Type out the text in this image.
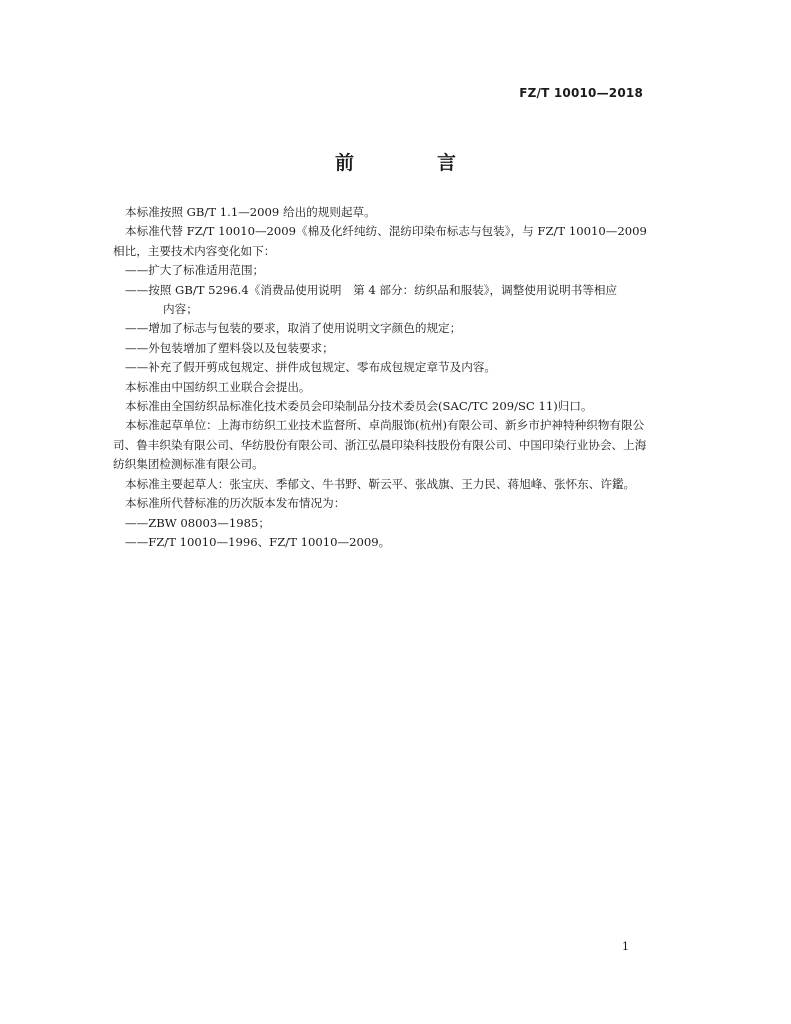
FZ/T 10010—2018
前　言

本标准按照 GB/T 1.1—2009 给出的规则起草。

本标准代替 FZ/T 10010—2009《棉及化纤纯纺、混纺印染布标志与包装》，与 FZ/T 10010—2009 相比，主要技术内容变化如下：

——扩大了标准适用范围；

——按照 GB/T 5296.4《消费品使用说明　第 4 部分：纺织品和服装》，调整使用说明书等相应

内容；

——增加了标志与包装的要求，取消了使用说明文字颜色的规定；

——外包装增加了塑料袋以及包装要求；

——补充了假开剪成包规定、拼件成包规定、零布成包规定章节及内容。

本标准由中国纺织工业联合会提出。

本标准由全国纺织品标准化技术委员会印染制品分技术委员会(SAC/TC 209/SC 11)归口。

本标准起草单位：上海市纺织工业技术监督所、卓尚服饰(杭州)有限公司、新乡市护神特种织物有限公司、鲁丰织染有限公司、华纺股份有限公司、浙江弘晨印染科技股份有限公司、中国印染行业协会、上海纺织集团检测标准有限公司。

本标准主要起草人：张宝庆、季郁文、牛书野、靳云平、张战旗、王力民、蒋旭峰、张怀东、许鑑。

本标准所代替标准的历次版本发布情况为：

——ZBW 08003—1985；

——FZ/T 10010—1996、FZ/T 10010—2009。

1
